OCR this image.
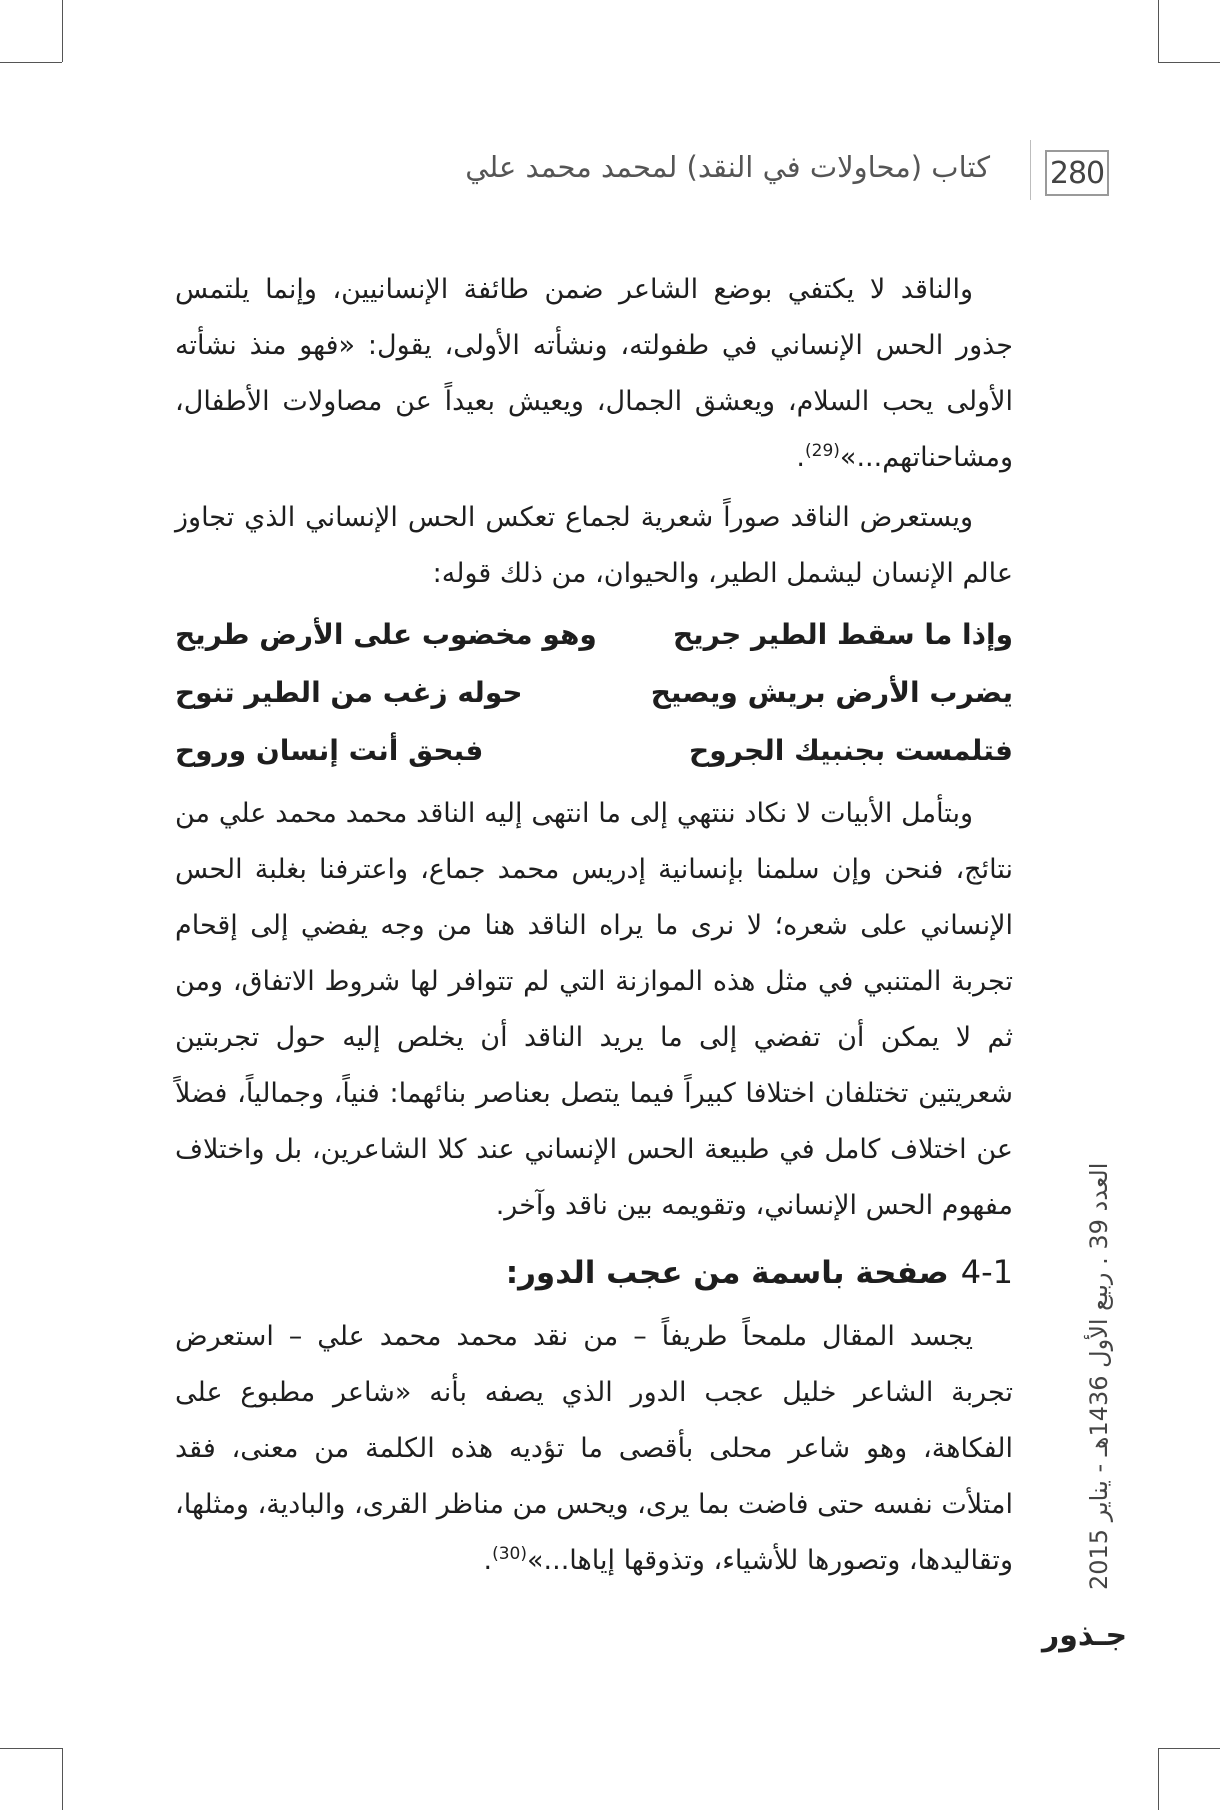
280
كتاب (محاولات في النقد) لمحمد محمد علي
العدد 39 . ربيع الأول 1436هـ - يناير 2015
جـذور

والناقد لا يكتفي بوضع الشاعر ضمن طائفة الإنسانيين، وإنما يلتمس جذور الحس الإنساني في طفولته، ونشأته الأولى، يقول: «فهو منذ نشأته الأولى يحب السلام، ويعشق الجمال، ويعيش بعيداً عن مصاولات الأطفال، ومشاحناتهم...»$^{(29)}$.

ويستعرض الناقد صوراً شعرية لجماع تعكس الحس الإنساني الذي تجاوز عالم الإنسان ليشمل الطير، والحيوان، من ذلك قوله:

وإذا ما سقط الطير جريح
وهو مخضوب على الأرض طريح
يضرب الأرض بريش ويصيح
حوله زغب من الطير تنوح
فتلمست بجنبيك الجروح
فبحق أنت إنسان وروح

وبتأمل الأبيات لا نكاد ننتهي إلى ما انتهى إليه الناقد محمد محمد علي من نتائج، فنحن وإن سلمنا بإنسانية إدريس محمد جماع، واعترفنا بغلبة الحس الإنساني على شعره؛ لا نرى ما يراه الناقد هنا من وجه يفضي إلى إقحام تجربة المتنبي في مثل هذه الموازنة التي لم تتوافر لها شروط الاتفاق، ومن ثم لا يمكن أن تفضي إلى ما يريد الناقد أن يخلص إليه حول تجربتين شعريتين تختلفان اختلافا كبيراً فيما يتصل بعناصر بنائهما: فنياً، وجمالياً، فضلاً عن اختلاف كامل في طبيعة الحس الإنساني عند كلا الشاعرين، بل واختلاف مفهوم الحس الإنساني، وتقويمه بين ناقد وآخر.

4-1صفحة باسمة من عجب الدور:

يجسد المقال ملمحاً طريفاً – من نقد محمد محمد علي – استعرض تجربة الشاعر خليل عجب الدور الذي يصفه بأنه «شاعر مطبوع على الفكاهة، وهو شاعر محلى بأقصى ما تؤديه هذه الكلمة من معنى، فقد امتلأت نفسه حتى فاضت بما يرى، ويحس من مناظر القرى، والبادية، ومثلها، وتقاليدها، وتصورها للأشياء، وتذوقها إياها...»$^{(30)}$.
